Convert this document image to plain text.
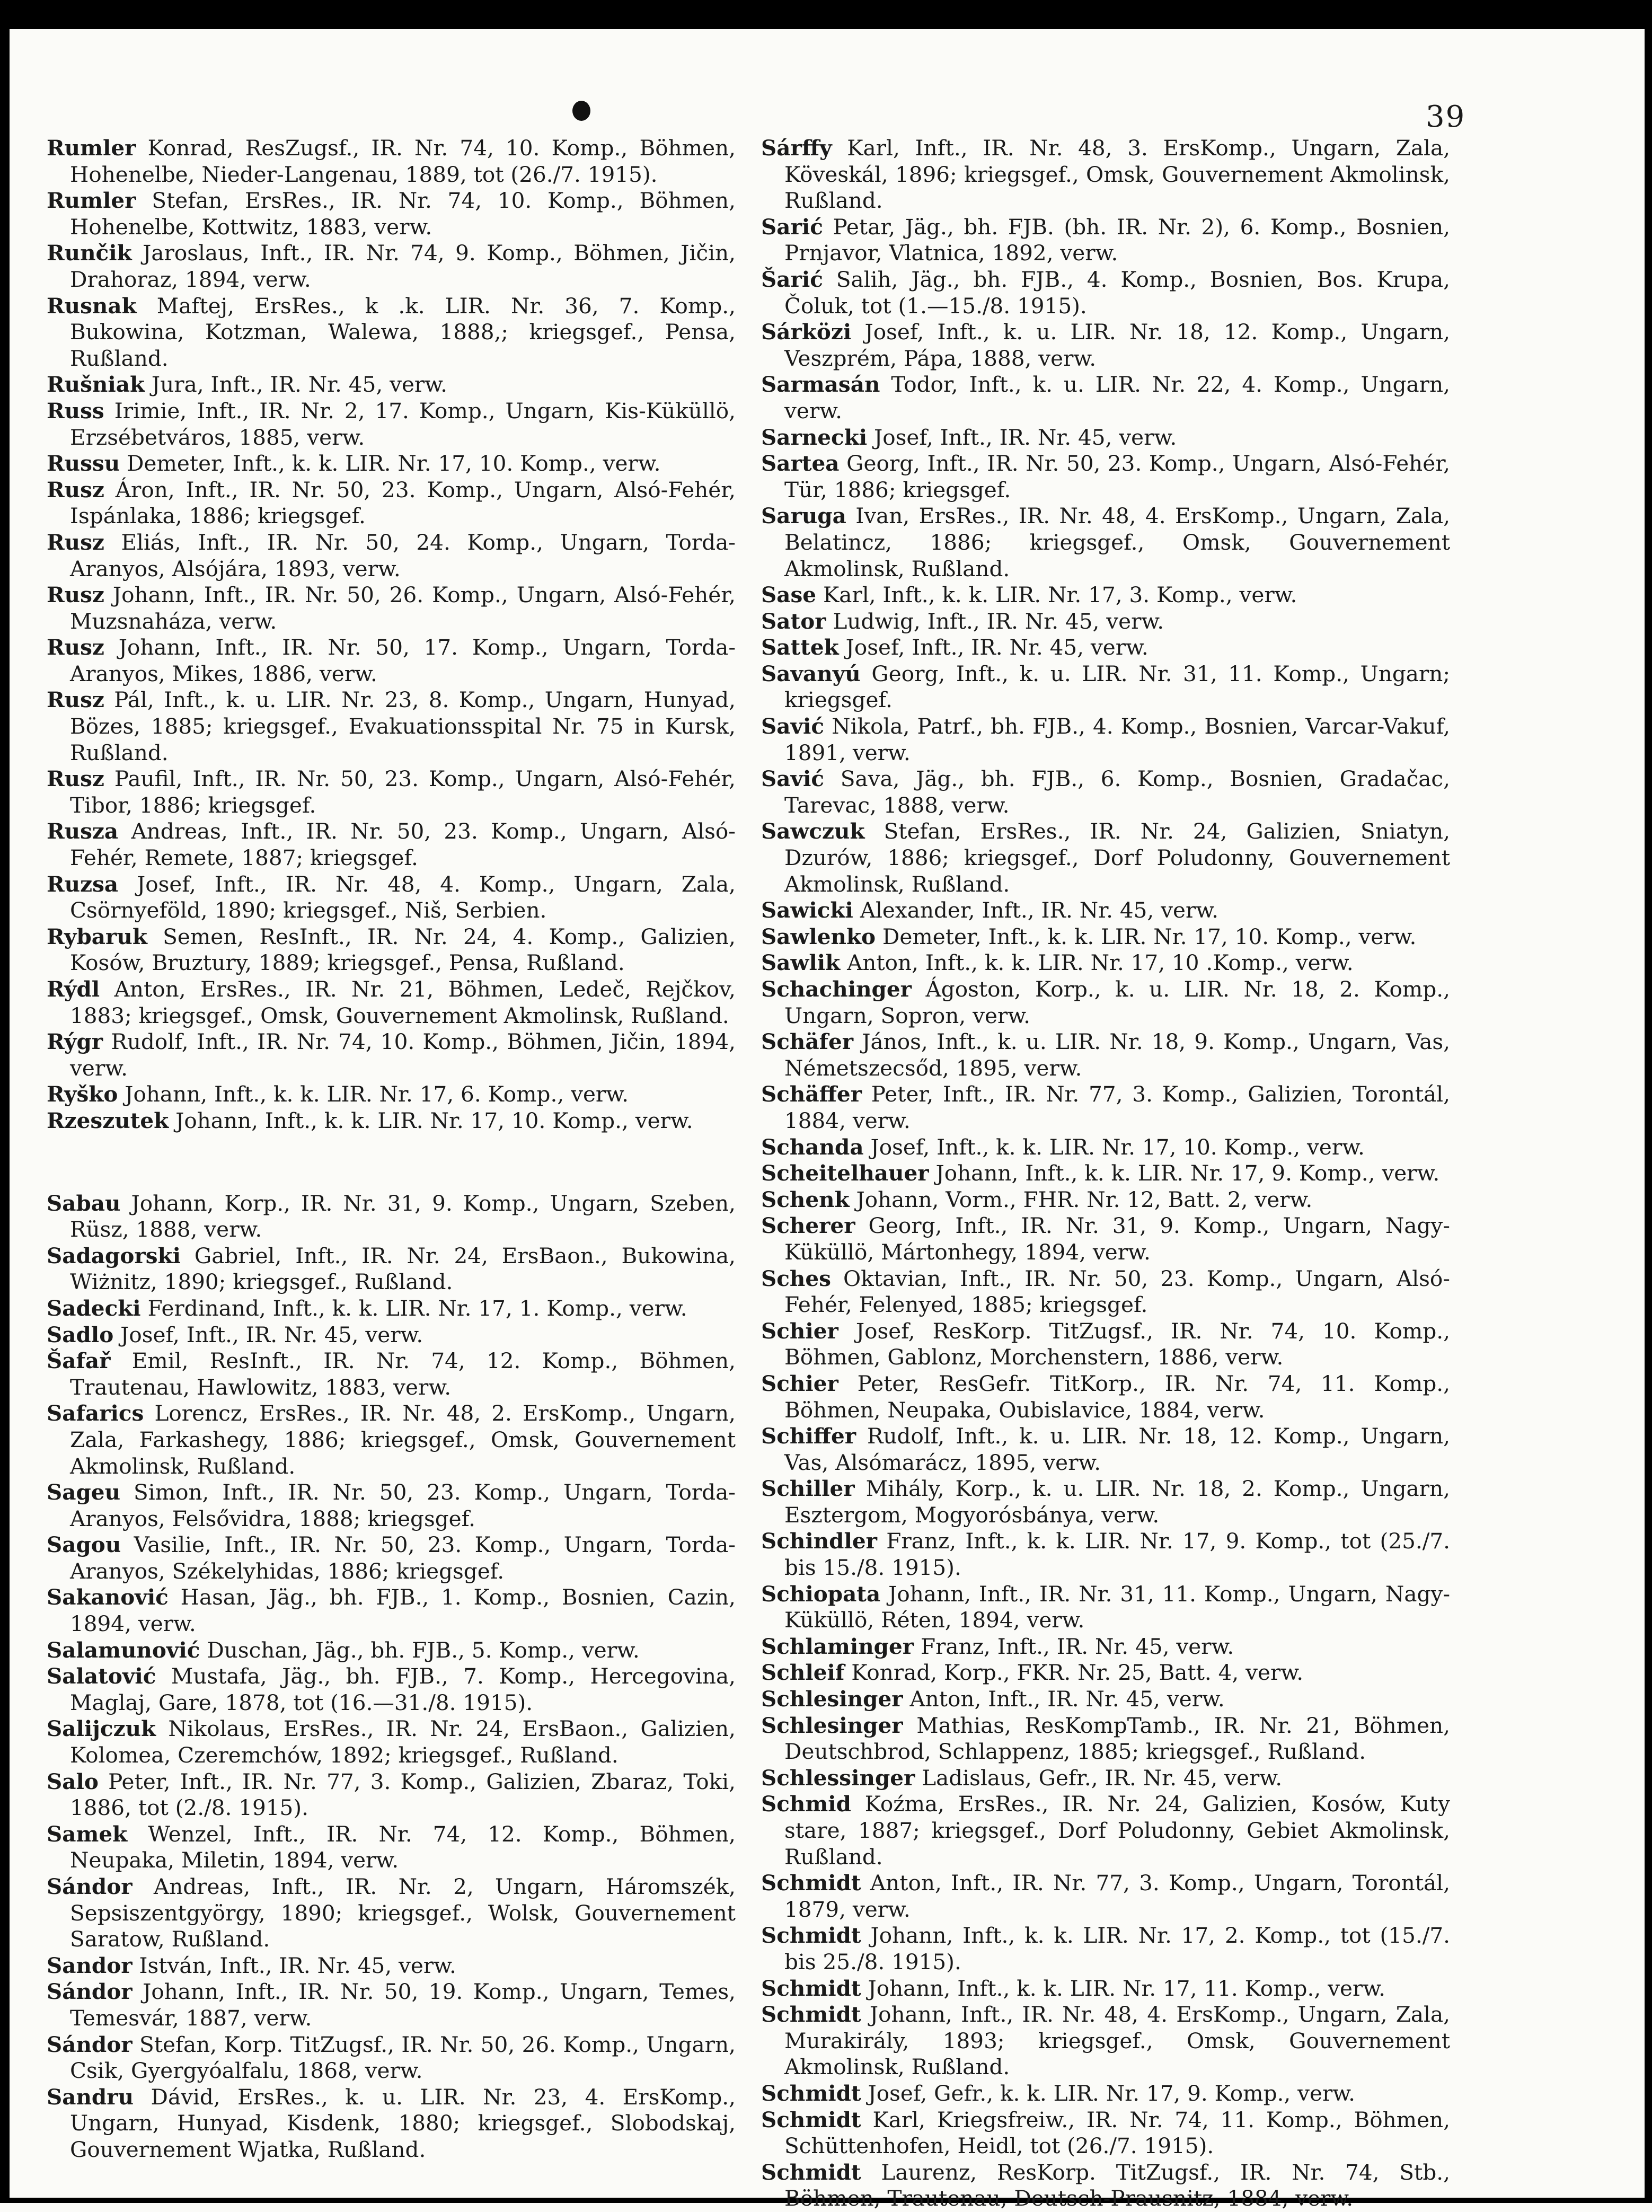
39

Rumler Konrad, ResZugsf., IR. Nr. 74, 10. Komp., Böhmen, Hohenelbe, Nieder-Langenau, 1889, tot (26./7. 1915).

Rumler Stefan, ErsRes., IR. Nr. 74, 10. Komp., Böhmen, Hohenelbe, Kottwitz, 1883, verw.

Runčik Jaroslaus, Inft., IR. Nr. 74, 9. Komp., Böhmen, Jičin, Drahoraz, 1894, verw.

Rusnak Maftej, ErsRes., k .k. LIR. Nr. 36, 7. Komp., Bukowina, Kotzman, Walewa, 1888,; kriegsgef., Pensa, Rußland.

Rušniak Jura, Inft., IR. Nr. 45, verw.

Russ Irimie, Inft., IR. Nr. 2, 17. Komp., Ungarn, Kis-Küküllö, Erzsébetváros, 1885, verw.

Russu Demeter, Inft., k. k. LIR. Nr. 17, 10. Komp., verw.

Rusz Áron, Inft., IR. Nr. 50, 23. Komp., Ungarn, Alsó-Fehér, Ispánlaka, 1886; kriegsgef.

Rusz Eliás, Inft., IR. Nr. 50, 24. Komp., Ungarn, Torda-Aranyos, Alsójára, 1893, verw.

Rusz Johann, Inft., IR. Nr. 50, 26. Komp., Ungarn, Alsó-Fehér, Muzsnaháza, verw.

Rusz Johann, Inft., IR. Nr. 50, 17. Komp., Ungarn, Torda-Aranyos, Mikes, 1886, verw.

Rusz Pál, Inft., k. u. LIR. Nr. 23, 8. Komp., Ungarn, Hunyad, Bözes, 1885; kriegsgef., Evakuationsspital Nr. 75 in Kursk, Rußland.

Rusz Paufil, Inft., IR. Nr. 50, 23. Komp., Ungarn, Alsó-Fehér, Tibor, 1886; kriegsgef.

Rusza Andreas, Inft., IR. Nr. 50, 23. Komp., Ungarn, Alsó-Fehér, Remete, 1887; kriegsgef.

Ruzsa Josef, Inft., IR. Nr. 48, 4. Komp., Ungarn, Zala, Csörnyeföld, 1890; kriegsgef., Niš, Serbien.

Rybaruk Semen, ResInft., IR. Nr. 24, 4. Komp., Galizien, Kosów, Bruztury, 1889; kriegsgef., Pensa, Rußland.

Rýdl Anton, ErsRes., IR. Nr. 21, Böhmen, Ledeč, Rejčkov, 1883; kriegsgef., Omsk, Gouvernement Akmolinsk, Rußland.

Rýgr Rudolf, Inft., IR. Nr. 74, 10. Komp., Böhmen, Jičin, 1894, verw.

Ryško Johann, Inft., k. k. LIR. Nr. 17, 6. Komp., verw.

Rzeszutek Johann, Inft., k. k. LIR. Nr. 17, 10. Komp., verw.

Sabau Johann, Korp., IR. Nr. 31, 9. Komp., Ungarn, Szeben, Rüsz, 1888, verw.

Sadagorski Gabriel, Inft., IR. Nr. 24, ErsBaon., Bukowina, Wiżnitz, 1890; kriegsgef., Rußland.

Sadecki Ferdinand, Inft., k. k. LIR. Nr. 17, 1. Komp., verw.

Sadlo Josef, Inft., IR. Nr. 45, verw.

Šafař Emil, ResInft., IR. Nr. 74, 12. Komp., Böhmen, Trautenau, Hawlowitz, 1883, verw.

Safarics Lorencz, ErsRes., IR. Nr. 48, 2. ErsKomp., Ungarn, Zala, Farkashegy, 1886; kriegsgef., Omsk, Gouvernement Akmolinsk, Rußland.

Sageu Simon, Inft., IR. Nr. 50, 23. Komp., Ungarn, Torda-Aranyos, Felsővidra, 1888; kriegsgef.

Sagou Vasilie, Inft., IR. Nr. 50, 23. Komp., Ungarn, Torda-Aranyos, Székelyhidas, 1886; kriegsgef.

Sakanović Hasan, Jäg., bh. FJB., 1. Komp., Bosnien, Cazin, 1894, verw.

Salamunović Duschan, Jäg., bh. FJB., 5. Komp., verw.

Salatović Mustafa, Jäg., bh. FJB., 7. Komp., Hercegovina, Maglaj, Gare, 1878, tot (16.—31./8. 1915).

Salijczuk Nikolaus, ErsRes., IR. Nr. 24, ErsBaon., Galizien, Kolomea, Czeremchów, 1892; kriegsgef., Rußland.

Salo Peter, Inft., IR. Nr. 77, 3. Komp., Galizien, Zbaraz, Toki, 1886, tot (2./8. 1915).

Samek Wenzel, Inft., IR. Nr. 74, 12. Komp., Böhmen, Neupaka, Miletin, 1894, verw.

Sándor Andreas, Inft., IR. Nr. 2, Ungarn, Háromszék, Sepsiszentgyörgy, 1890; kriegsgef., Wolsk, Gouvernement Saratow, Rußland.

Sandor István, Inft., IR. Nr. 45, verw.

Sándor Johann, Inft., IR. Nr. 50, 19. Komp., Ungarn, Temes, Temesvár, 1887, verw.

Sándor Stefan, Korp. TitZugsf., IR. Nr. 50, 26. Komp., Ungarn, Csik, Gyergyóalfalu, 1868, verw.

Sandru Dávid, ErsRes., k. u. LIR. Nr. 23, 4. ErsKomp., Ungarn, Hunyad, Kisdenk, 1880; kriegsgef., Slobodskaj, Gouvernement Wjatka, Rußland.

Sárffy Karl, Inft., IR. Nr. 48, 3. ErsKomp., Ungarn, Zala, Köveskál, 1896; kriegsgef., Omsk, Gouvernement Akmolinsk, Rußland.

Sarić Petar, Jäg., bh. FJB. (bh. IR. Nr. 2), 6. Komp., Bosnien, Prnjavor, Vlatnica, 1892, verw.

Šarić Salih, Jäg., bh. FJB., 4. Komp., Bosnien, Bos. Krupa, Čoluk, tot (1.—15./8. 1915).

Sárközi Josef, Inft., k. u. LIR. Nr. 18, 12. Komp., Ungarn, Veszprém, Pápa, 1888, verw.

Sarmasán Todor, Inft., k. u. LIR. Nr. 22, 4. Komp., Ungarn, verw.

Sarnecki Josef, Inft., IR. Nr. 45, verw.

Sartea Georg, Inft., IR. Nr. 50, 23. Komp., Ungarn, Alsó-Fehér, Tür, 1886; kriegsgef.

Saruga Ivan, ErsRes., IR. Nr. 48, 4. ErsKomp., Ungarn, Zala, Belatincz, 1886; kriegsgef., Omsk, Gouvernement Akmolinsk, Rußland.

Sase Karl, Inft., k. k. LIR. Nr. 17, 3. Komp., verw.

Sator Ludwig, Inft., IR. Nr. 45, verw.

Sattek Josef, Inft., IR. Nr. 45, verw.

Savanyú Georg, Inft., k. u. LIR. Nr. 31, 11. Komp., Ungarn; kriegsgef.

Savić Nikola, Patrf., bh. FJB., 4. Komp., Bosnien, Varcar-Vakuf, 1891, verw.

Savić Sava, Jäg., bh. FJB., 6. Komp., Bosnien, Gradačac, Tarevac, 1888, verw.

Sawczuk Stefan, ErsRes., IR. Nr. 24, Galizien, Sniatyn, Dzurów, 1886; kriegsgef., Dorf Poludonny, Gouvernement Akmolinsk, Rußland.

Sawicki Alexander, Inft., IR. Nr. 45, verw.

Sawlenko Demeter, Inft., k. k. LIR. Nr. 17, 10. Komp., verw.

Sawlik Anton, Inft., k. k. LIR. Nr. 17, 10 .Komp., verw.

Schachinger Ágoston, Korp., k. u. LIR. Nr. 18, 2. Komp., Ungarn, Sopron, verw.

Schäfer János, Inft., k. u. LIR. Nr. 18, 9. Komp., Ungarn, Vas, Németszecsőd, 1895, verw.

Schäffer Peter, Inft., IR. Nr. 77, 3. Komp., Galizien, Torontál, 1884, verw.

Schanda Josef, Inft., k. k. LIR. Nr. 17, 10. Komp., verw.

Scheitelhauer Johann, Inft., k. k. LIR. Nr. 17, 9. Komp., verw.

Schenk Johann, Vorm., FHR. Nr. 12, Batt. 2, verw.

Scherer Georg, Inft., IR. Nr. 31, 9. Komp., Ungarn, Nagy-Küküllö, Mártonhegy, 1894, verw.

Sches Oktavian, Inft., IR. Nr. 50, 23. Komp., Ungarn, Alsó-Fehér, Felenyed, 1885; kriegsgef.

Schier Josef, ResKorp. TitZugsf., IR. Nr. 74, 10. Komp., Böhmen, Gablonz, Morchenstern, 1886, verw.

Schier Peter, ResGefr. TitKorp., IR. Nr. 74, 11. Komp., Böhmen, Neupaka, Oubislavice, 1884, verw.

Schiffer Rudolf, Inft., k. u. LIR. Nr. 18, 12. Komp., Ungarn, Vas, Alsómarácz, 1895, verw.

Schiller Mihály, Korp., k. u. LIR. Nr. 18, 2. Komp., Ungarn, Esztergom, Mogyorósbánya, verw.

Schindler Franz, Inft., k. k. LIR. Nr. 17, 9. Komp., tot (25./7. bis 15./8. 1915).

Schiopata Johann, Inft., IR. Nr. 31, 11. Komp., Ungarn, Nagy-Küküllö, Réten, 1894, verw.

Schlaminger Franz, Inft., IR. Nr. 45, verw.

Schleif Konrad, Korp., FKR. Nr. 25, Batt. 4, verw.

Schlesinger Anton, Inft., IR. Nr. 45, verw.

Schlesinger Mathias, ResKompTamb., IR. Nr. 21, Böhmen, Deutschbrod, Schlappenz, 1885; kriegsgef., Rußland.

Schlessinger Ladislaus, Gefr., IR. Nr. 45, verw.

Schmid Koźma, ErsRes., IR. Nr. 24, Galizien, Kosów, Kuty stare, 1887; kriegsgef., Dorf Poludonny, Gebiet Akmolinsk, Rußland.

Schmidt Anton, Inft., IR. Nr. 77, 3. Komp., Ungarn, Torontál, 1879, verw.

Schmidt Johann, Inft., k. k. LIR. Nr. 17, 2. Komp., tot (15./7. bis 25./8. 1915).

Schmidt Johann, Inft., k. k. LIR. Nr. 17, 11. Komp., verw.

Schmidt Johann, Inft., IR. Nr. 48, 4. ErsKomp., Ungarn, Zala, Murakirály, 1893; kriegsgef., Omsk, Gouvernement Akmolinsk, Rußland.

Schmidt Josef, Gefr., k. k. LIR. Nr. 17, 9. Komp., verw.

Schmidt Karl, Kriegsfreiw., IR. Nr. 74, 11. Komp., Böhmen, Schüttenhofen, Heidl, tot (26./7. 1915).

Schmidt Laurenz, ResKorp. TitZugsf., IR. Nr. 74, Stb., Böhmen, Trautenau, Deutsch-Prausnitz, 1884, verw.
